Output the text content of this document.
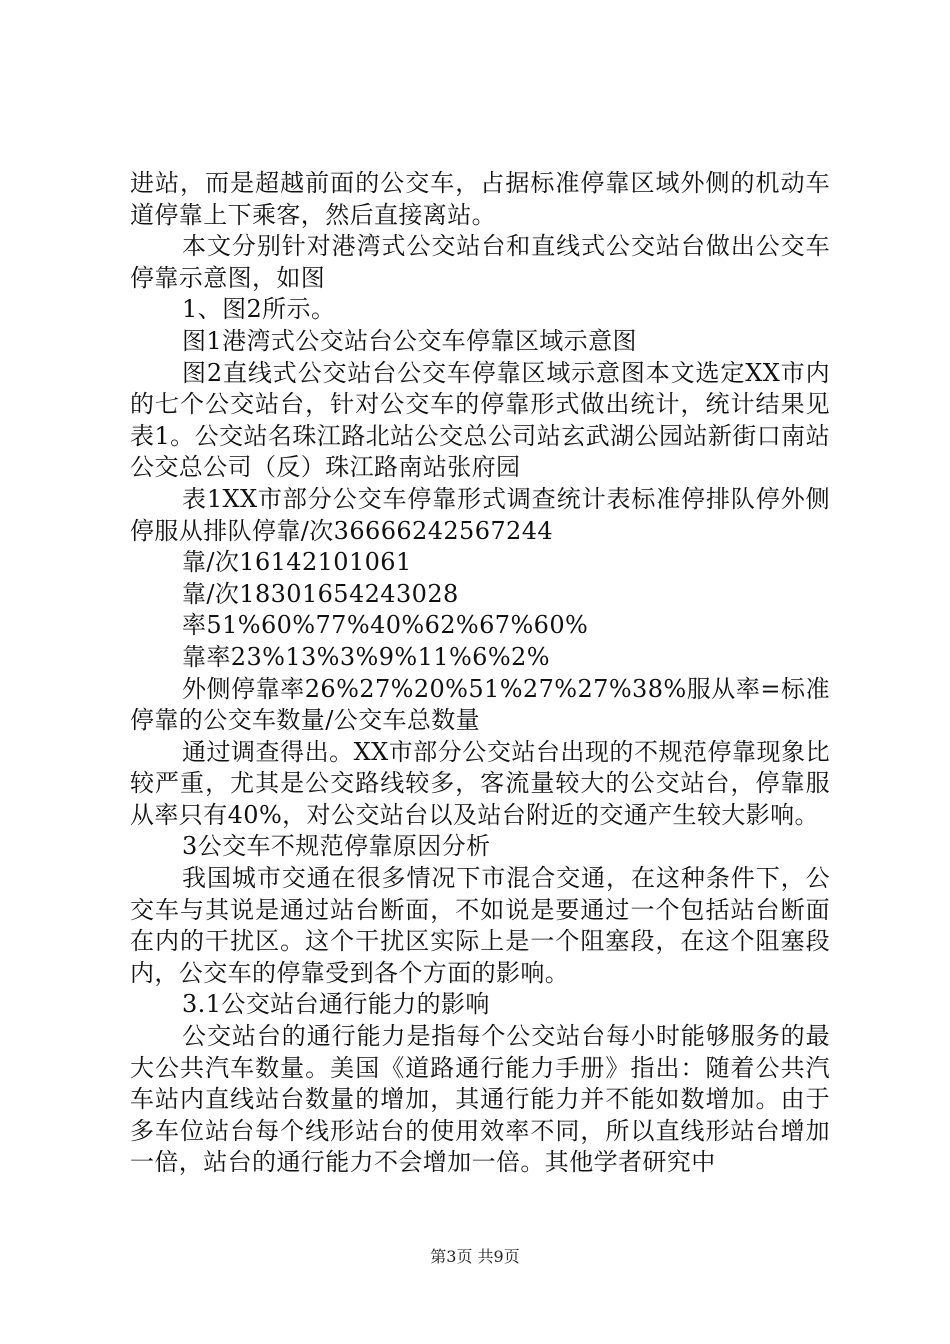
进站，而是超越前面的公交车，占据标准停靠区域外侧的机动车道停靠上下乘客，然后直接离站。

本文分别针对港湾式公交站台和直线式公交站台做出公交车停靠示意图，如图

1、图2所示。

图1港湾式公交站台公交车停靠区域示意图

图2直线式公交站台公交车停靠区域示意图本文选定XX市内的七个公交站台，针对公交车的停靠形式做出统计，统计结果见表1。公交站名珠江路北站公交总公司站玄武湖公园站新街口南站公交总公司（反）珠江路南站张府园

表1XX市部分公交车停靠形式调查统计表标准停排队停外侧停服从排队停靠/次36666242567244

靠/次16142101061

靠/次18301654243028

率51%60%77%40%62%67%60%

靠率23%13%3%9%11%6%2%

外侧停靠率26%27%20%51%27%27%38%服从率=标准停靠的公交车数量/公交车总数量

通过调查得出。XX市部分公交站台出现的不规范停靠现象比较严重，尤其是公交路线较多，客流量较大的公交站台，停靠服从率只有40%，对公交站台以及站台附近的交通产生较大影响。

3公交车不规范停靠原因分析

我国城市交通在很多情况下市混合交通，在这种条件下，公交车与其说是通过站台断面，不如说是要通过一个包括站台断面在内的干扰区。这个干扰区实际上是一个阻塞段，在这个阻塞段内，公交车的停靠受到各个方面的影响。

3.1公交站台通行能力的影响

公交站台的通行能力是指每个公交站台每小时能够服务的最大公共汽车数量。美国《道路通行能力手册》指出：随着公共汽车站内直线站台数量的增加，其通行能力并不能如数增加。由于多车位站台每个线形站台的使用效率不同，所以直线形站台增加一倍，站台的通行能力不会增加一倍。其他学者研究中

第3页 共9页
